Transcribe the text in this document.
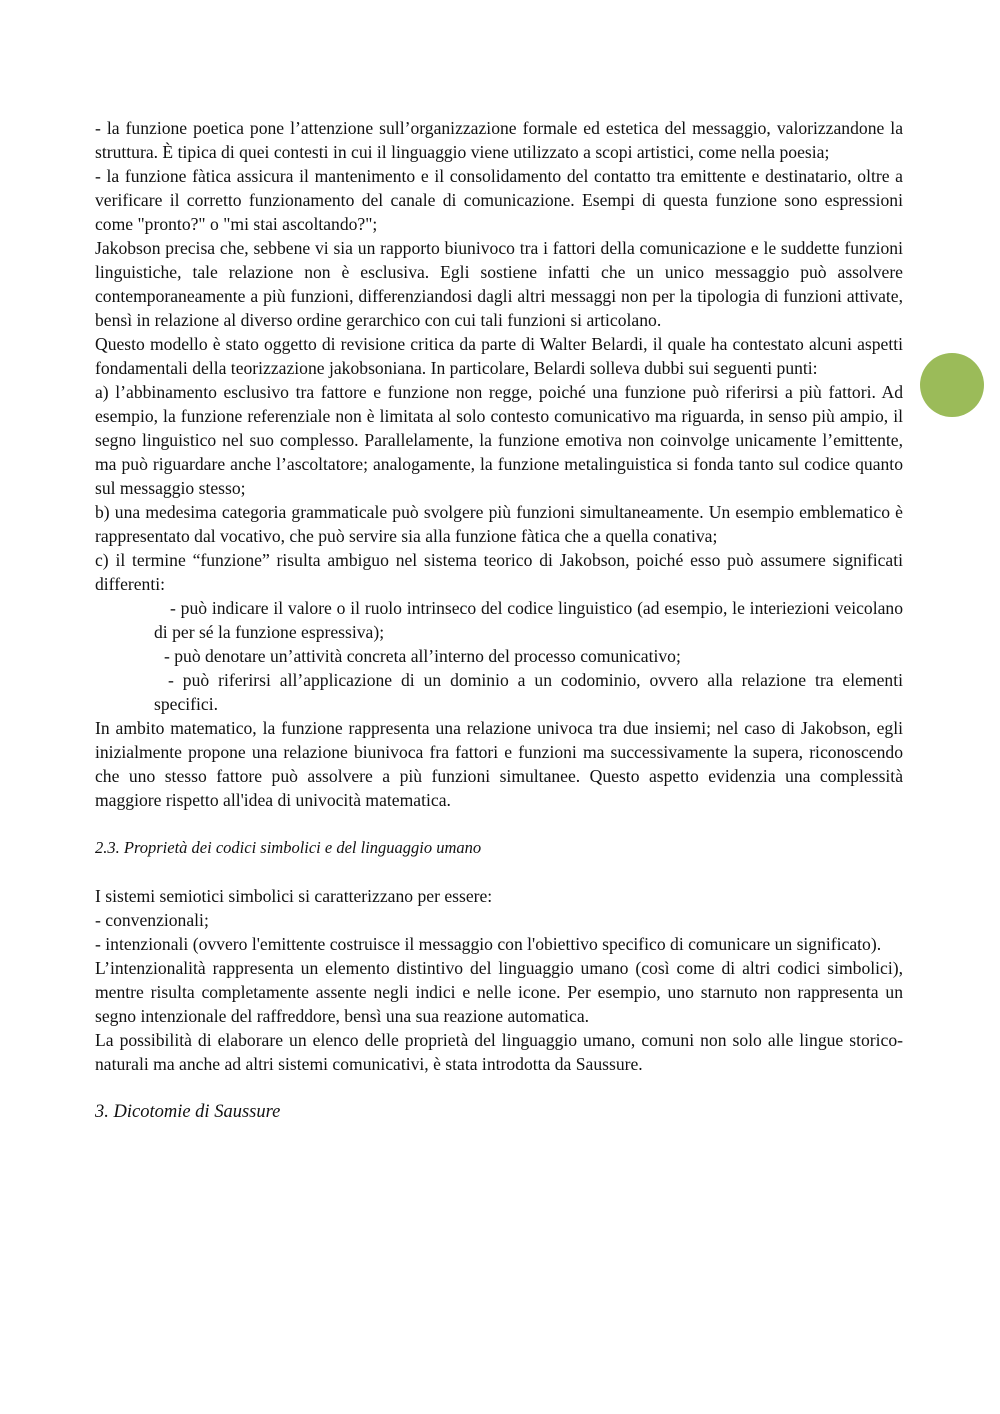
- la funzione poetica pone l’attenzione sull’organizzazione formale ed estetica del messaggio, valorizzandone la struttura. È tipica di quei contesti in cui il linguaggio viene utilizzato a scopi artistici, come nella poesia;

- la funzione fàtica assicura il mantenimento e il consolidamento del contatto tra emittente e destinatario, oltre a verificare il corretto funzionamento del canale di comunicazione. Esempi di questa funzione sono espressioni come "pronto?" o "mi stai ascoltando?";

Jakobson precisa che, sebbene vi sia un rapporto biunivoco tra i fattori della comunicazione e le suddette funzioni linguistiche, tale relazione non è esclusiva. Egli sostiene infatti che un unico messaggio può assolvere contemporaneamente a più funzioni, differenziandosi dagli altri messaggi non per la tipologia di funzioni attivate, bensì in relazione al diverso ordine gerarchico con cui tali funzioni si articolano.

Questo modello è stato oggetto di revisione critica da parte di Walter Belardi, il quale ha contestato alcuni aspetti fondamentali della teorizzazione jakobsoniana. In particolare, Belardi solleva dubbi sui seguenti punti:

a) l’abbinamento esclusivo tra fattore e funzione non regge, poiché una funzione può riferirsi a più fattori. Ad esempio, la funzione referenziale non è limitata al solo contesto comunicativo ma riguarda, in senso più ampio, il segno linguistico nel suo complesso. Parallelamente, la funzione emotiva non coinvolge unicamente l’emittente, ma può riguardare anche l’ascoltatore; analogamente, la funzione metalinguistica si fonda tanto sul codice quanto sul messaggio stesso;

b) una medesima categoria grammaticale può svolgere più funzioni simultaneamente. Un esempio emblematico è rappresentato dal vocativo, che può servire sia alla funzione fàtica che a quella conativa;

c) il termine “funzione” risulta ambiguo nel sistema teorico di Jakobson, poiché esso può assumere significati differenti:

- può indicare il valore o il ruolo intrinseco del codice linguistico (ad esempio, le interiezioni veicolano di per sé la funzione espressiva);

- può denotare un’attività concreta all’interno del processo comunicativo;

- può riferirsi all’applicazione di un dominio a un codominio, ovvero alla relazione tra elementi specifici.

In ambito matematico, la funzione rappresenta una relazione univoca tra due insiemi; nel caso di Jakobson, egli inizialmente propone una relazione biunivoca fra fattori e funzioni ma successivamente la supera, riconoscendo che uno stesso fattore può assolvere a più funzioni simultanee. Questo aspetto evidenzia una complessità maggiore rispetto all'idea di univocità matematica.

2.3. Proprietà dei codici simbolici e del linguaggio umano

I sistemi semiotici simbolici si caratterizzano per essere:

- convenzionali;

- intenzionali (ovvero l'emittente costruisce il messaggio con l'obiettivo specifico di comunicare un significato).

L’intenzionalità rappresenta un elemento distintivo del linguaggio umano (così come di altri codici simbolici), mentre risulta completamente assente negli indici e nelle icone. Per esempio, uno starnuto non rappresenta un segno intenzionale del raffreddore, bensì una sua reazione automatica.

La possibilità di elaborare un elenco delle proprietà del linguaggio umano, comuni non solo alle lingue storico-naturali ma anche ad altri sistemi comunicativi, è stata introdotta da Saussure.

3. Dicotomie di Saussure
